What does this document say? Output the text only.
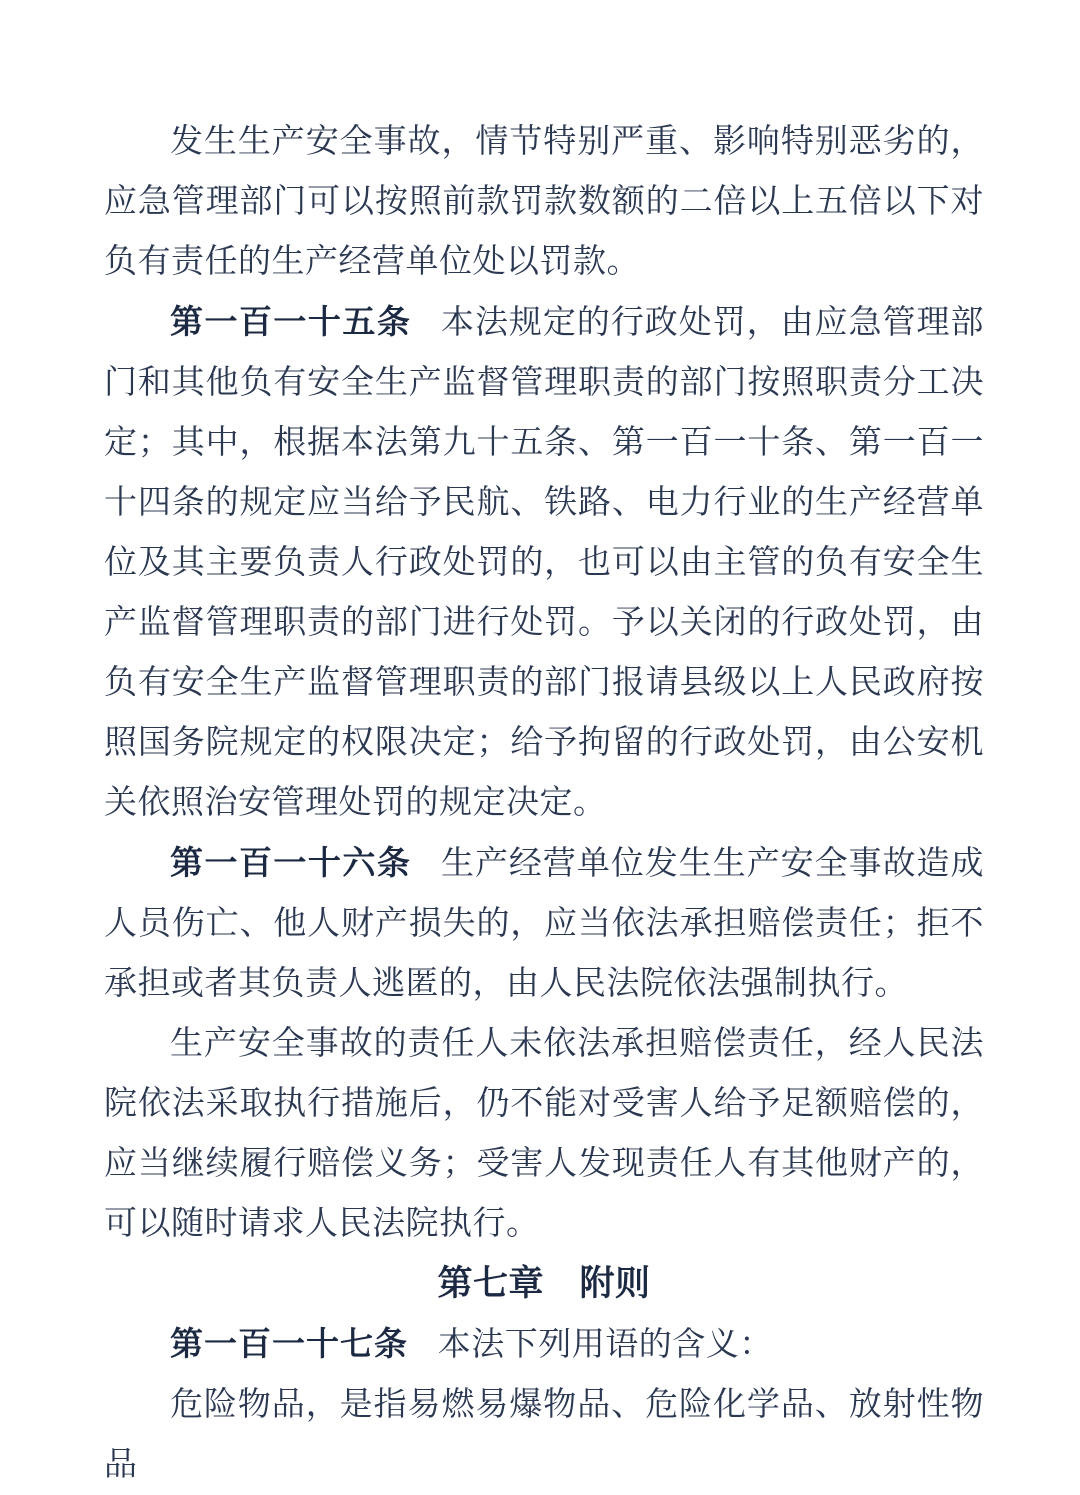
发生生产安全事故，情节特别严重、影响特别恶劣的，应急管理部门可以按照前款罚款数额的二倍以上五倍以下对负有责任的生产经营单位处以罚款。

第一百一十五条 本法规定的行政处罚，由应急管理部门和其他负有安全生产监督管理职责的部门按照职责分工决定；其中，根据本法第九十五条、第一百一十条、第一百一十四条的规定应当给予民航、铁路、电力行业的生产经营单位及其主要负责人行政处罚的，也可以由主管的负有安全生产监督管理职责的部门进行处罚。予以关闭的行政处罚，由负有安全生产监督管理职责的部门报请县级以上人民政府按照国务院规定的权限决定；给予拘留的行政处罚，由公安机关依照治安管理处罚的规定决定。

第一百一十六条 生产经营单位发生生产安全事故造成人员伤亡、他人财产损失的，应当依法承担赔偿责任；拒不承担或者其负责人逃匿的，由人民法院依法强制执行。

生产安全事故的责任人未依法承担赔偿责任，经人民法院依法采取执行措施后，仍不能对受害人给予足额赔偿的，应当继续履行赔偿义务；受害人发现责任人有其他财产的，可以随时请求人民法院执行。

第七章　附则

第一百一十七条 本法下列用语的含义：

危险物品，是指易燃易爆物品、危险化学品、放射性物品
